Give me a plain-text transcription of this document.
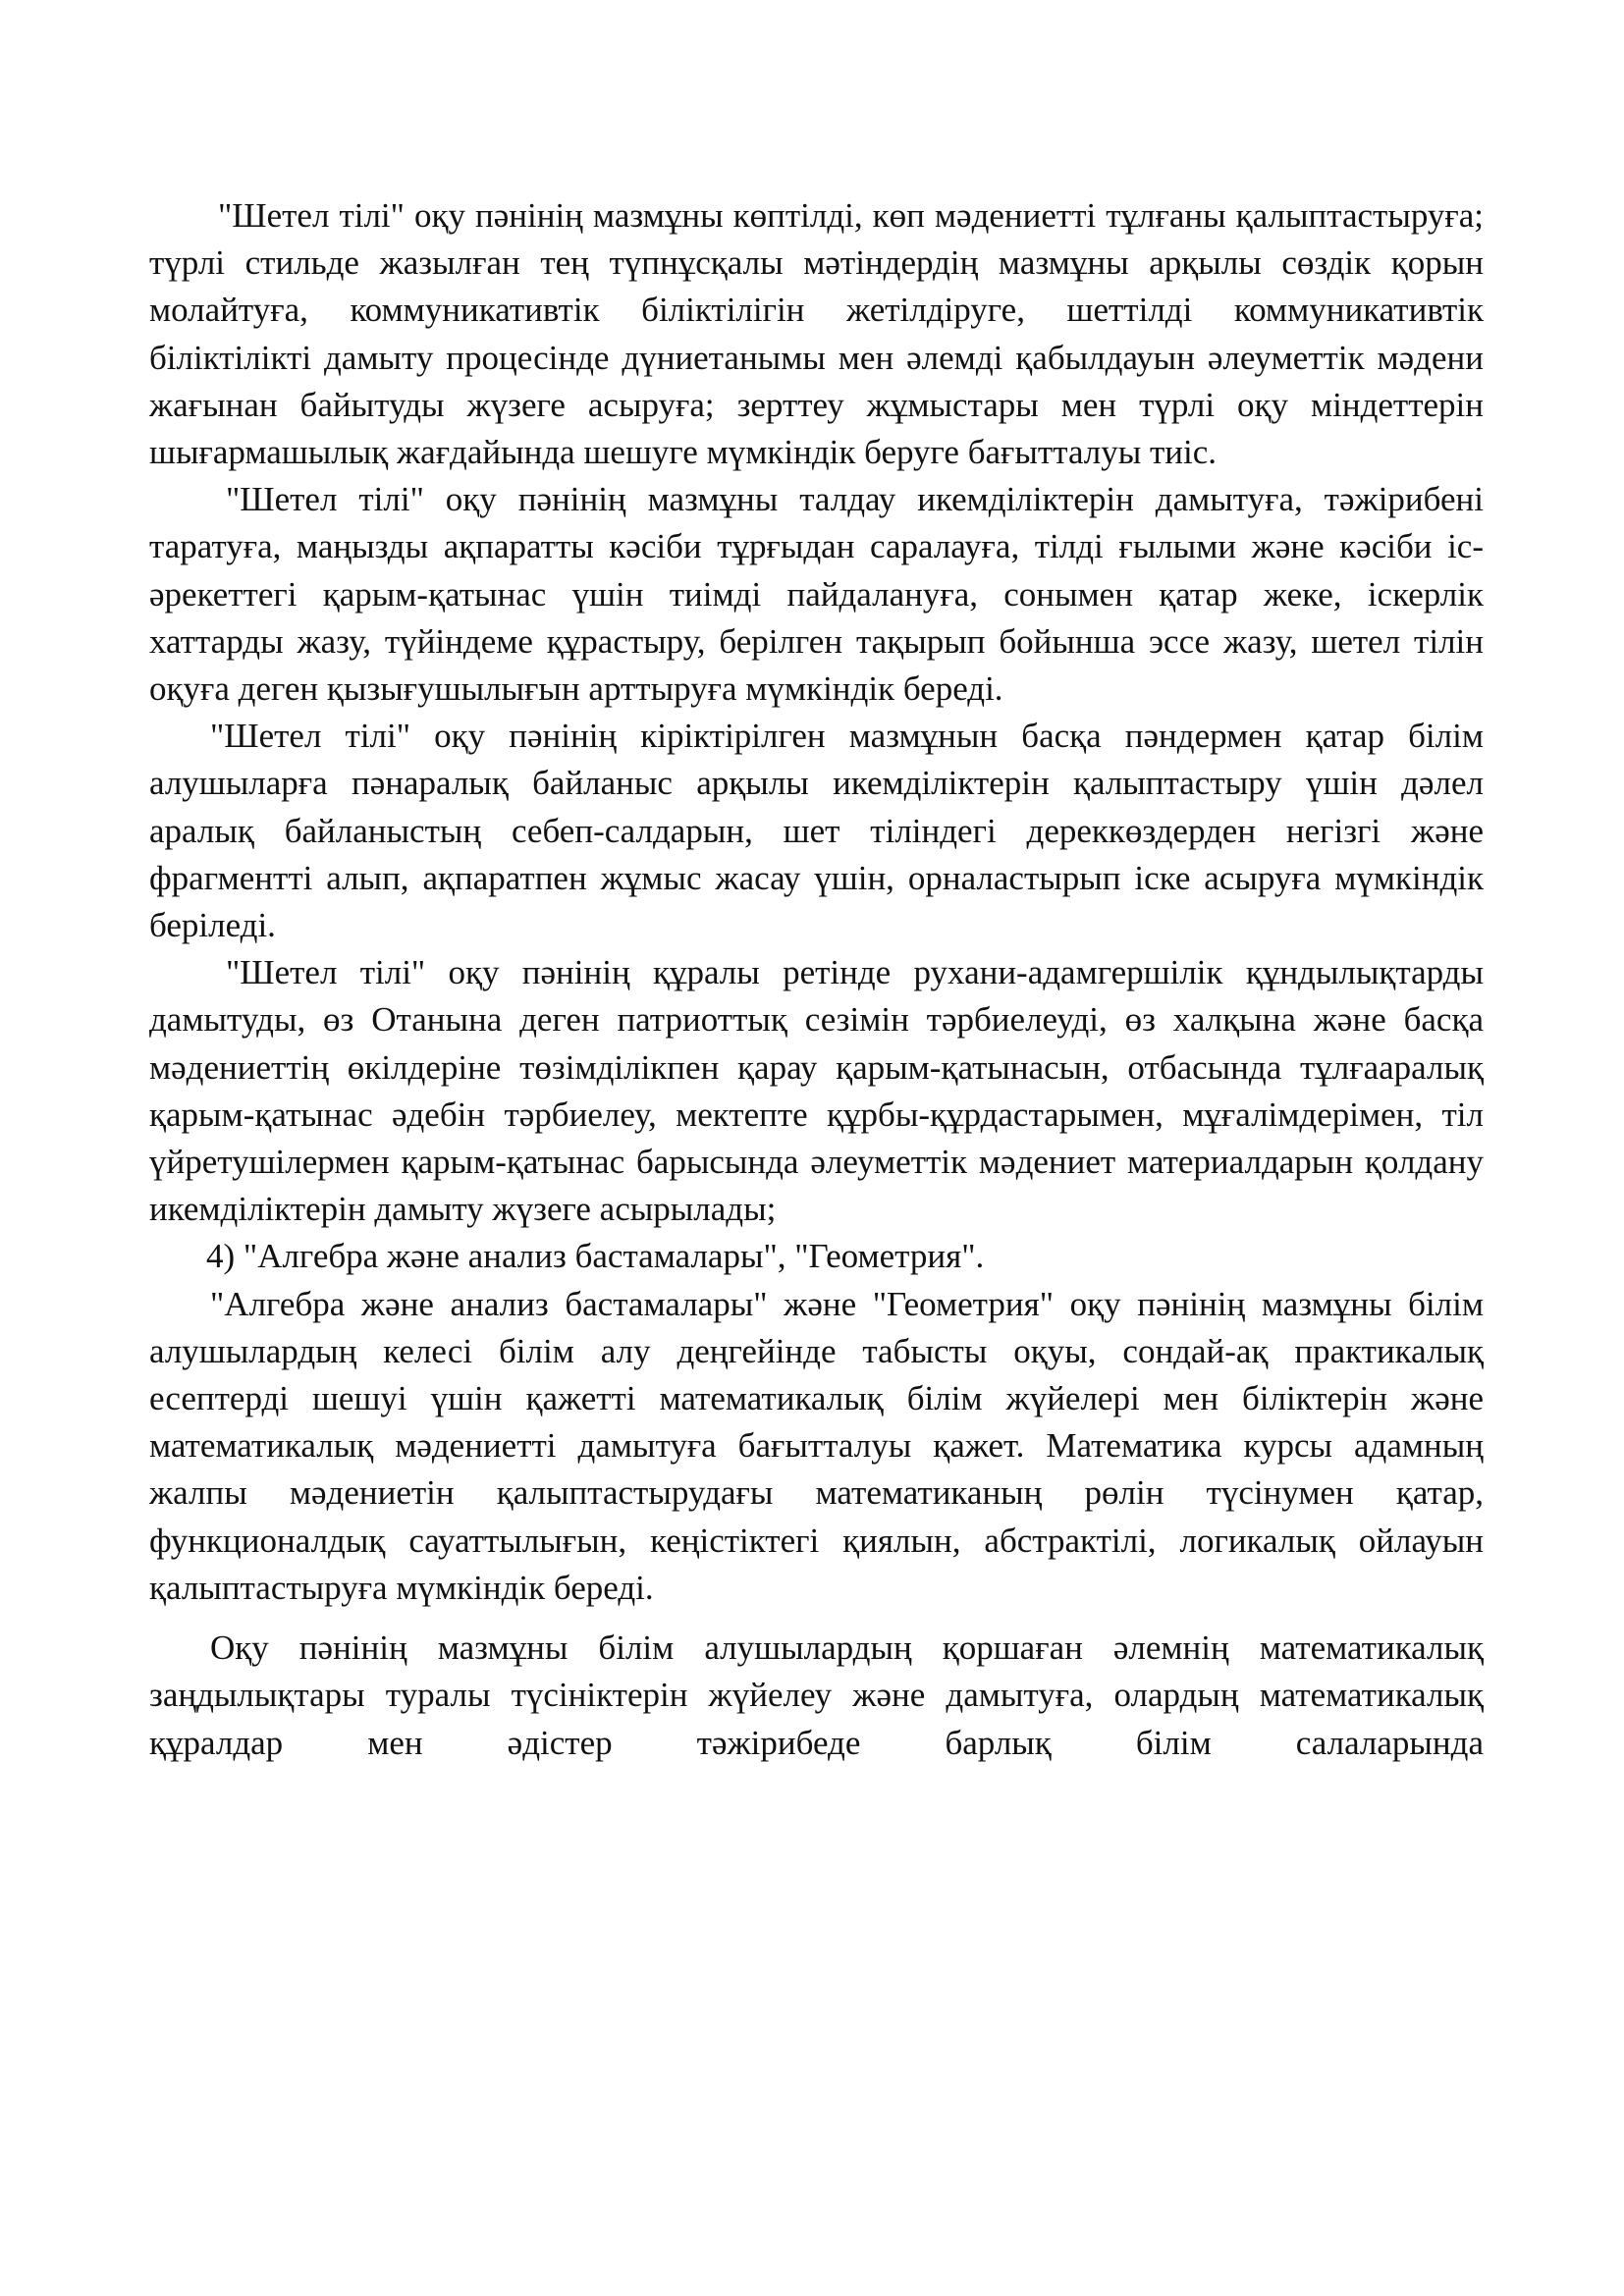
"Шетел тілі" оқу пәнінің мазмұны көптілді, көп мәдениетті тұлғаны қалыптастыруға; түрлі стильде жазылған тең түпнұсқалы мәтіндердің мазмұны арқылы сөздік қорын молайтуға, коммуникативтік біліктілігін жетілдіруге, шеттілді коммуникативтік біліктілікті дамыту процесінде дүниетанымы мен әлемді қабылдауын әлеуметтік мәдени жағынан байытуды жүзеге асыруға; зерттеу жұмыстары мен түрлі оқу міндеттерін шығармашылық жағдайында шешуге мүмкіндік беруге бағытталуы тиіс.

"Шетел тілі" оқу пәнінің мазмұны талдау икемділіктерін дамытуға, тәжірибені таратуға, маңызды ақпаратты кәсіби тұрғыдан саралауға, тілді ғылыми және кәсіби іс-әрекеттегі қарым-қатынас үшін тиімді пайдалануға, сонымен қатар жеке, іскерлік хаттарды жазу, түйіндеме құрастыру, берілген тақырып бойынша эссе жазу, шетел тілін оқуға деген қызығушылығын арттыруға мүмкіндік береді.

"Шетел тілі" оқу пәнінің кіріктірілген мазмұнын басқа пәндермен қатар білім алушыларға пәнаралық байланыс арқылы икемділіктерін қалыптастыру үшін дәлел аралық байланыстың себеп-салдарын, шет тіліндегі дереккөздерден негізгі және фрагментті алып, ақпаратпен жұмыс жасау үшін, орналастырып іске асыруға мүмкіндік беріледі.

"Шетел тілі" оқу пәнінің құралы ретінде рухани-адамгершілік құндылықтарды дамытуды, өз Отанына деген патриоттық сезімін тәрбиелеуді, өз халқына және басқа мәдениеттің өкілдеріне төзімділікпен қарау қарым-қатынасын, отбасында тұлғааралық қарым-қатынас әдебін тәрбиелеу, мектепте құрбы-құрдастарымен, мұғалімдерімен, тіл үйретушілермен қарым-қатынас барысында әлеуметтік мәдениет материалдарын қолдану икемділіктерін дамыту жүзеге асырылады;

4) "Алгебра және анализ бастамалары", "Геометрия".

"Алгебра және анализ бастамалары" және "Геометрия" оқу пәнінің мазмұны білім алушылардың келесі білім алу деңгейінде табысты оқуы, сондай-ақ практикалық есептерді шешуі үшін қажетті математикалық білім жүйелері мен біліктерін және математикалық мәдениетті дамытуға бағытталуы қажет. Математика курсы адамның жалпы мәдениетін қалыптастырудағы математиканың рөлін түсінумен қатар, функционалдық сауаттылығын, кеңістіктегі қиялын, абстрактілі, логикалық ойлауын қалыптастыруға мүмкіндік береді.

Оқу пәнінің мазмұны білім алушылардың қоршаған әлемнің математикалық заңдылықтары туралы түсініктерін жүйелеу және дамытуға, олардың математикалық құралдар мен әдістер тәжірибеде барлық білім салаларында
